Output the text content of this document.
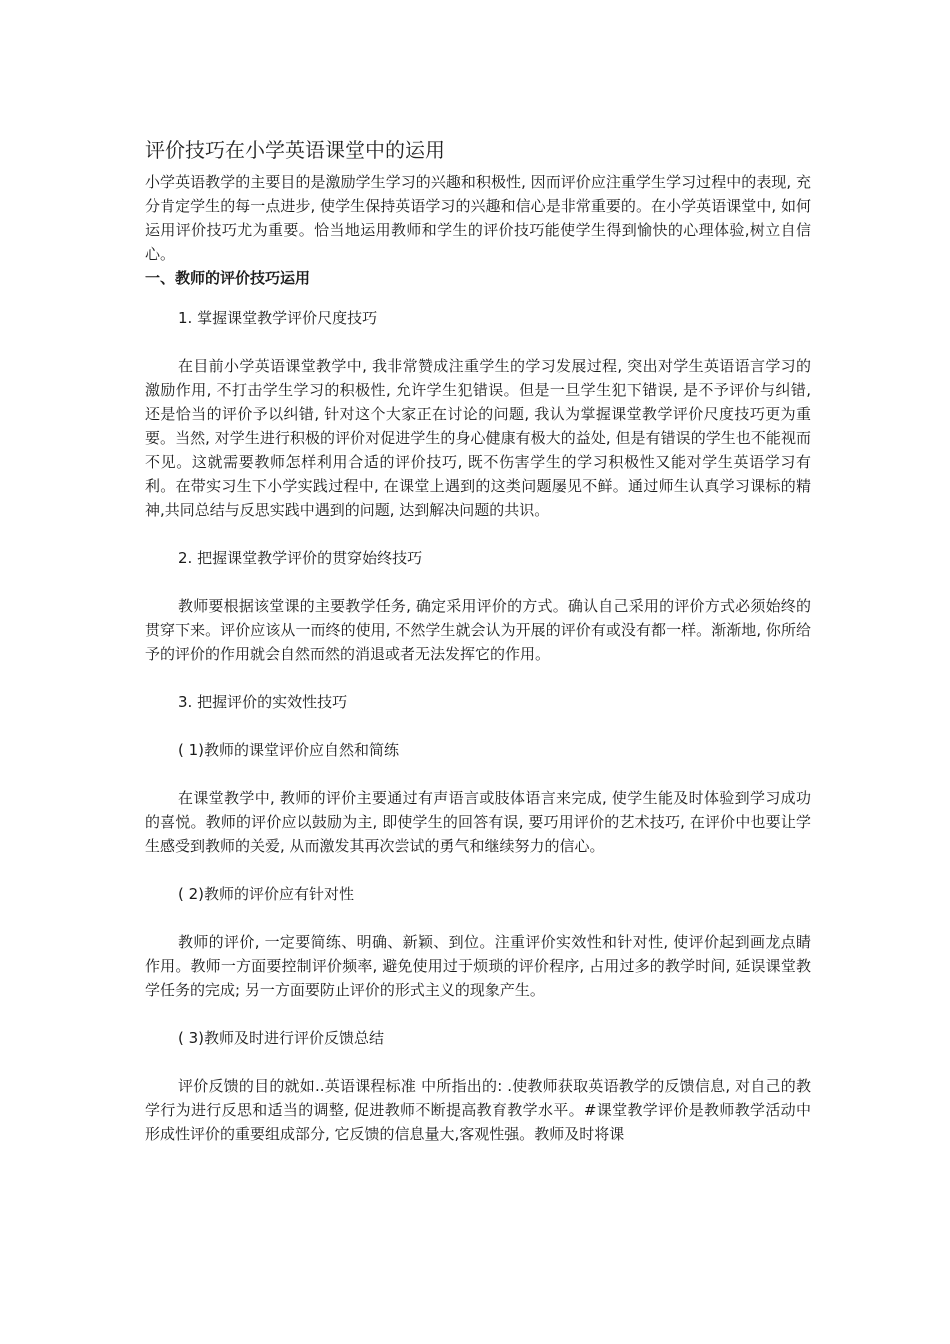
评价技巧在小学英语课堂中的运用

小学英语教学的主要目的是激励学生学习的兴趣和积极性, 因而评价应注重学生学习过程中的表现, 充分肯定学生的每一点进步, 使学生保持英语学习的兴趣和信心是非常重要的。在小学英语课堂中, 如何运用评价技巧尤为重要。恰当地运用教师和学生的评价技巧能使学生得到愉快的心理体验,树立自信心。

一、教师的评价技巧运用

1. 掌握课堂教学评价尺度技巧

在目前小学英语课堂教学中, 我非常赞成注重学生的学习发展过程, 突出对学生英语语言学习的激励作用, 不打击学生学习的积极性, 允许学生犯错误。但是一旦学生犯下错误, 是不予评价与纠错, 还是恰当的评价予以纠错, 针对这个大家正在讨论的问题, 我认为掌握课堂教学评价尺度技巧更为重要。当然, 对学生进行积极的评价对促进学生的身心健康有极大的益处, 但是有错误的学生也不能视而不见。这就需要教师怎样利用合适的评价技巧, 既不伤害学生的学习积极性又能对学生英语学习有利。在带实习生下小学实践过程中, 在课堂上遇到的这类问题屡见不鲜。通过师生认真学习课标的精神,共同总结与反思实践中遇到的问题, 达到解决问题的共识。

2. 把握课堂教学评价的贯穿始终技巧

教师要根据该堂课的主要教学任务, 确定采用评价的方式。确认自己采用的评价方式必须始终的贯穿下来。评价应该从一而终的使用, 不然学生就会认为开展的评价有或没有都一样。渐渐地, 你所给予的评价的作用就会自然而然的消退或者无法发挥它的作用。

3. 把握评价的实效性技巧

( 1)教师的课堂评价应自然和简练

在课堂教学中, 教师的评价主要通过有声语言或肢体语言来完成, 使学生能及时体验到学习成功的喜悦。教师的评价应以鼓励为主, 即使学生的回答有误, 要巧用评价的艺术技巧, 在评价中也要让学生感受到教师的关爱, 从而激发其再次尝试的勇气和继续努力的信心。

( 2)教师的评价应有针对性

教师的评价, 一定要简练、明确、新颖、到位。注重评价实效性和针对性, 使评价起到画龙点睛作用。教师一方面要控制评价频率, 避免使用过于烦琐的评价程序, 占用过多的教学时间, 延误课堂教学任务的完成; 另一方面要防止评价的形式主义的现象产生。

( 3)教师及时进行评价反馈总结

评价反馈的目的就如..英语课程标准 中所指出的: .使教师获取英语教学的反馈信息, 对自己的教学行为进行反思和适当的调整, 促进教师不断提高教育教学水平。#课堂教学评价是教师教学活动中形成性评价的重要组成部分, 它反馈的信息量大,客观性强。教师及时将课
